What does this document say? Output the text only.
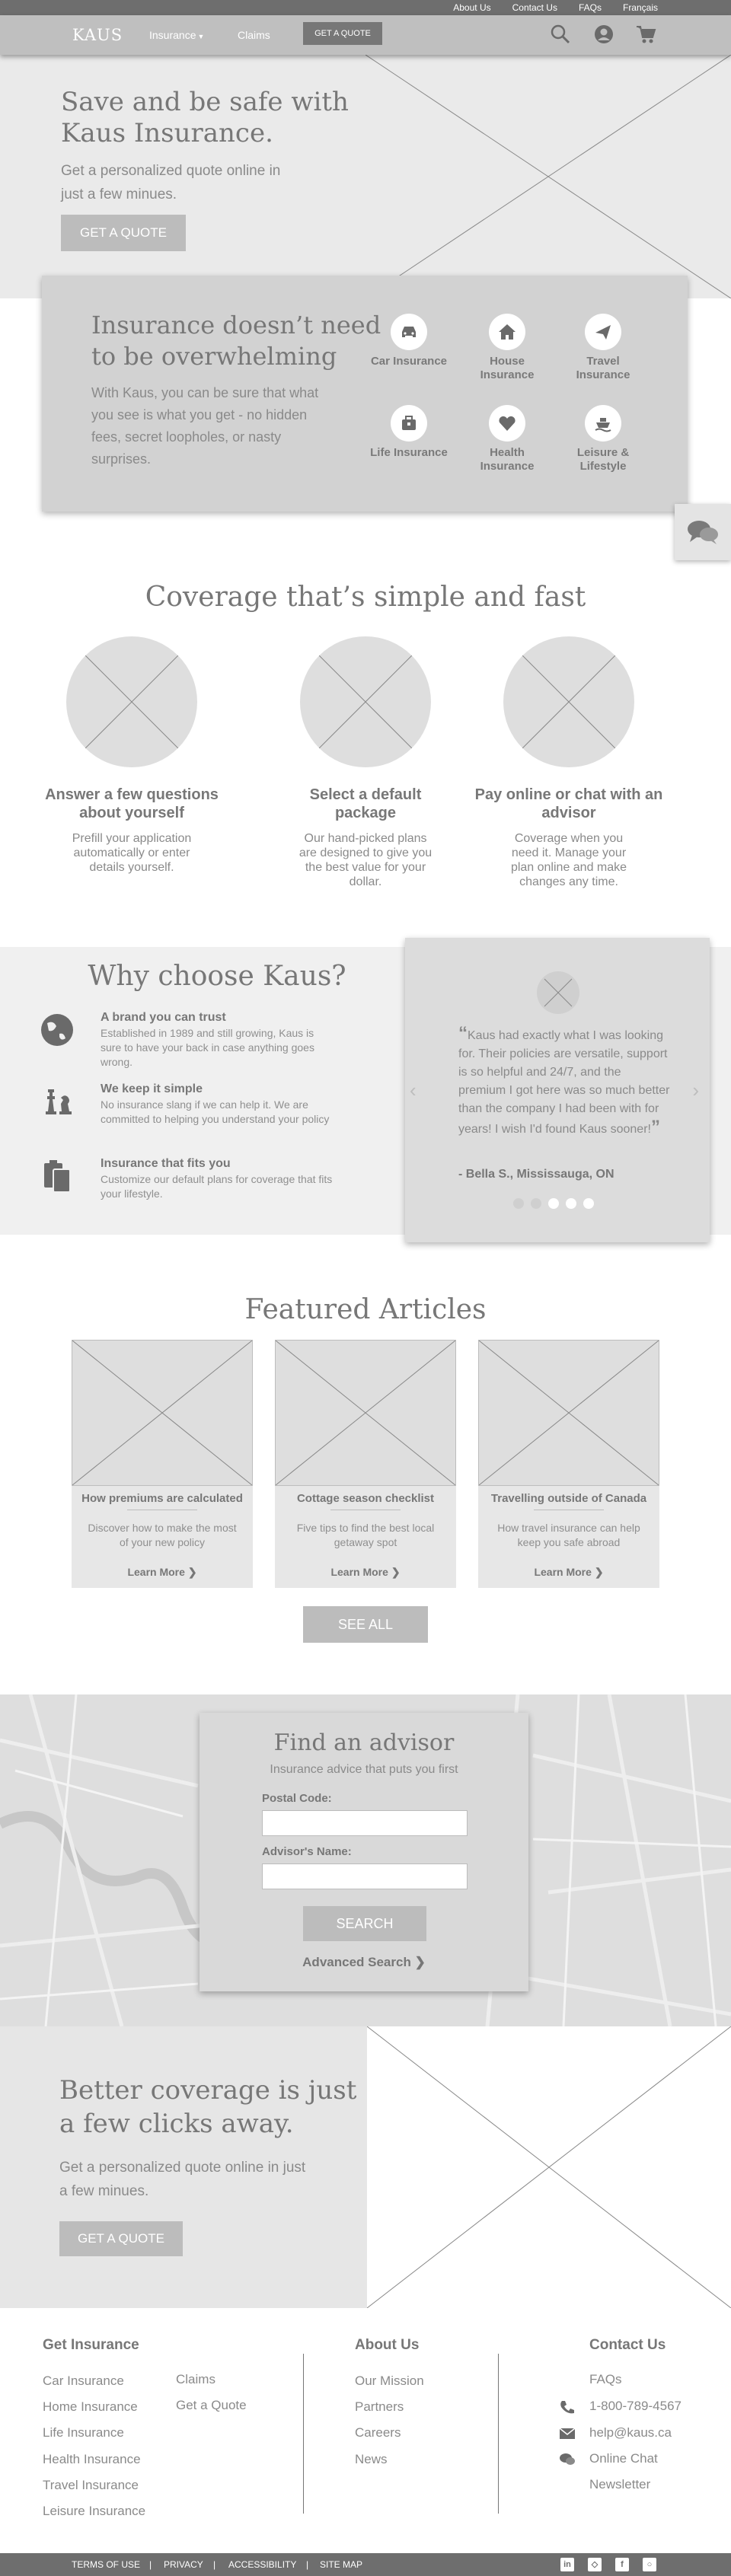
About Us Contact Us FAQs Français
KAUS Insurance ▼	Claims	GET A QUOTE
Save and be safe with Kaus Insurance.

Get a personalized quote online in just a few minues.

GET A QUOTE
Insurance doesn’t need to be overwhelming

With Kaus, you can be sure that what you see is what you get - no hidden fees, secret loopholes, or nasty surprises.

Car Insurance	House Insurance
Travel Insurance
Life Insurance	Health Insurance
Leisure & Lifestyle
Coverage that’s simple and fast
Answer a few questions about yourself

Prefill your application automatically or enter details yourself.

Select a default package

Our hand-picked plans are designed to give you the best value for your dollar.

Pay online or chat with an advisor

Coverage when you need it. Manage your plan online and make changes any time.

Why choose Kaus?
A brand you can trust

Established in 1989 and still growing, Kaus is sure to have your back in case anything goes wrong.

We keep it simple

No insurance slang if we can help it. We are committed to helping you understand your policy

Insurance that fits you

Customize our default plans for coverage that fits your lifestyle.

‹	›

“Kaus had exactly what I was looking for. Their policies are versatile, support is so helpful and 24/7, and the premium I got here was so much better than the company I had been with for years! I wish I'd found Kaus sooner!”

- Bella S., Mississauga, ON
Featured Articles
How premiums are calculated

Discover how to make the most of your new policy

Learn More ❯
Cottage season checklist

Five tips to find the best local getaway spot

Learn More ❯
Travelling outside of Canada

How travel insurance can help keep you safe abroad

Learn More ❯
SEE ALL
Find an advisor
Insurance advice that puts you first
Postal Code:
Advisor's Name:
SEARCH
Advanced Search ❯
Better coverage is just a few clicks away.

Get a personalized quote online in just a few minues.

GET A QUOTE
Get Insurance
Car Insurance
Home Insurance
Life Insurance
Health Insurance
Travel Insurance
Leisure Insurance
Claims
Get a Quote
About Us
Our Mission
Partners
Careers
News
Contact Us
FAQs
1-800-789-4567
help@kaus.ca
Online Chat
Newsletter
TERMS OF USE | PRIVACY | ACCESSIBILITY | SITE MAP	in	◇	f	○
